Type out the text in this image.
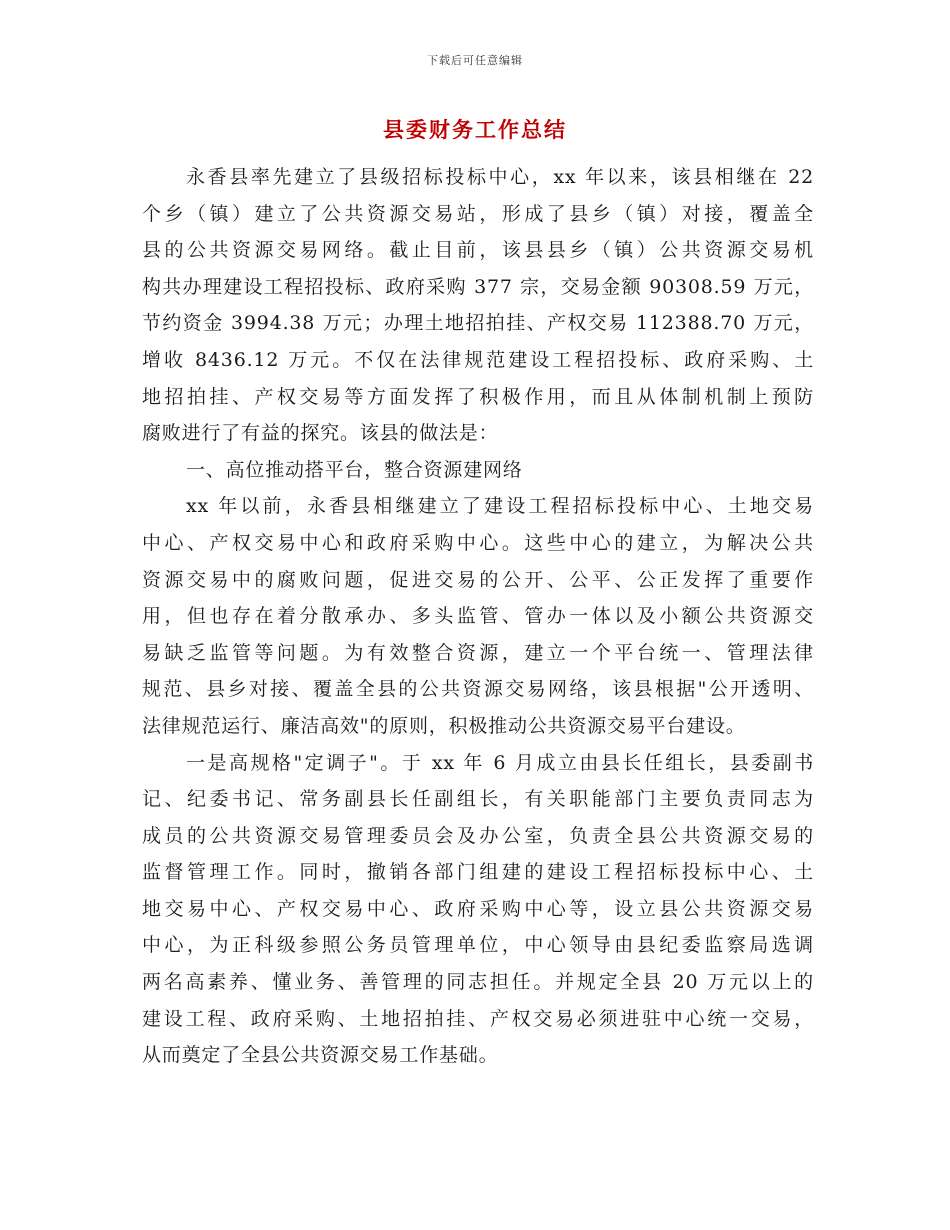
下载后可任意编辑
县委财务工作总结
永香县率先建立了县级招标投标中心，xx 年以来，该县相继在 22
个乡（镇）建立了公共资源交易站，形成了县乡（镇）对接，覆盖全
县的公共资源交易网络。截止目前，该县县乡（镇）公共资源交易机
构共办理建设工程招投标、政府采购 377 宗，交易金额 90308.59 万元，
节约资金 3994.38 万元；办理土地招拍挂、产权交易 112388.70 万元，
增收 8436.12 万元。不仅在法律规范建设工程招投标、政府采购、土
地招拍挂、产权交易等方面发挥了积极作用，而且从体制机制上预防
腐败进行了有益的探究。该县的做法是：
一、高位推动搭平台，整合资源建网络
xx 年以前，永香县相继建立了建设工程招标投标中心、土地交易
中心、产权交易中心和政府采购中心。这些中心的建立，为解决公共
资源交易中的腐败问题，促进交易的公开、公平、公正发挥了重要作
用，但也存在着分散承办、多头监管、管办一体以及小额公共资源交
易缺乏监管等问题。为有效整合资源，建立一个平台统一、管理法律
规范、县乡对接、覆盖全县的公共资源交易网络，该县根据"公开透明、
法律规范运行、廉洁高效"的原则，积极推动公共资源交易平台建设。
一是高规格"定调子"。于 xx 年 6 月成立由县长任组长，县委副书
记、纪委书记、常务副县长任副组长，有关职能部门主要负责同志为
成员的公共资源交易管理委员会及办公室，负责全县公共资源交易的
监督管理工作。同时，撤销各部门组建的建设工程招标投标中心、土
地交易中心、产权交易中心、政府采购中心等，设立县公共资源交易
中心，为正科级参照公务员管理单位，中心领导由县纪委监察局选调
两名高素养、懂业务、善管理的同志担任。并规定全县 20 万元以上的
建设工程、政府采购、土地招拍挂、产权交易必须进驻中心统一交易，
从而奠定了全县公共资源交易工作基础。
